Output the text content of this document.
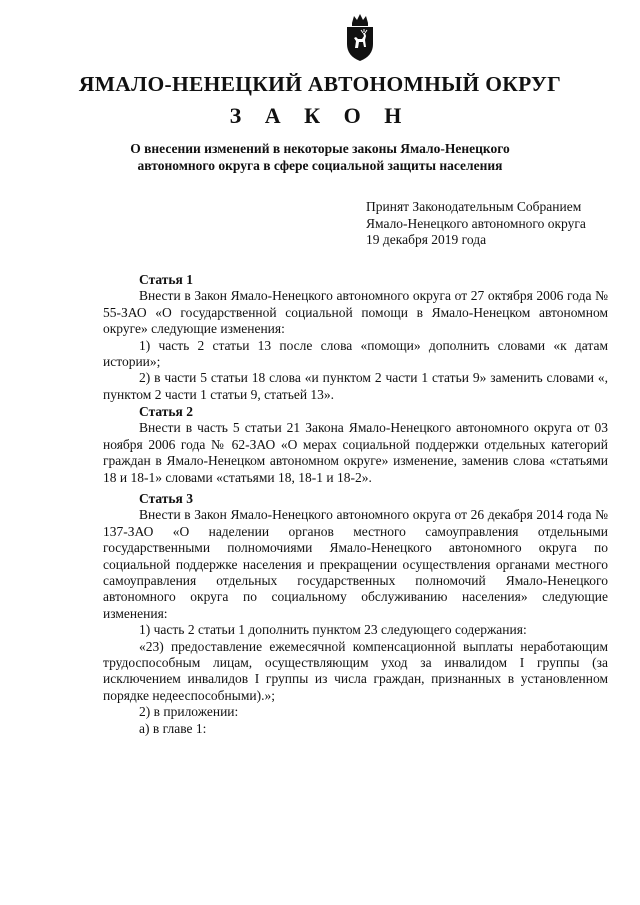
ЯМАЛО-НЕНЕЦКИЙ АВТОНОМНЫЙ ОКРУГ
З А К О Н
О внесении изменений в некоторые законы Ямало-Ненецкого
автономного округа в сфере социальной защиты населения
Принят Законодательным Собранием
Ямало-Ненецкого автономного округа
19 декабря 2019 года
Статья 1

Внести в Закон Ямало-Ненецкого автономного округа от 27 октября 2006 года № 55-ЗАО «О государственной социальной помощи в Ямало-Ненецком автономном округе» следующие изменения:

1) часть 2 статьи 13 после слова «помощи» дополнить словами «к датам истории»;

2) в части 5 статьи 18 слова «и пунктом 2 части 1 статьи 9» заменить словами «, пунктом 2 части 1 статьи 9, статьей 13».

Статья 2

Внести в часть 5 статьи 21 Закона Ямало-Ненецкого автономного округа от 03 ноября 2006 года № 62-ЗАО «О мерах социальной поддержки отдельных категорий граждан в Ямало-Ненецком автономном округе» изменение, заменив слова «статьями 18 и 18-1» словами «статьями 18, 18-1 и 18-2».

Статья 3

Внести в Закон Ямало-Ненецкого автономного округа от 26 декабря 2014 года № 137-ЗАО «О наделении органов местного самоуправления отдельными государственными полномочиями Ямало-Ненецкого автономного округа по социальной поддержке населения и прекращении осуществления органами местного самоуправления отдельных государственных полномочий Ямало-Ненецкого автономного округа по социальному обслуживанию населения» следующие изменения:

1) часть 2 статьи 1 дополнить пунктом 23 следующего содержания:

«23) предоставление ежемесячной компенсационной выплаты неработающим трудоспособным лицам, осуществляющим уход за инвалидом I группы (за исключением инвалидов I группы из числа граждан, признанных в установленном порядке недееспособными).»;

2) в приложении:

а) в главе 1:
